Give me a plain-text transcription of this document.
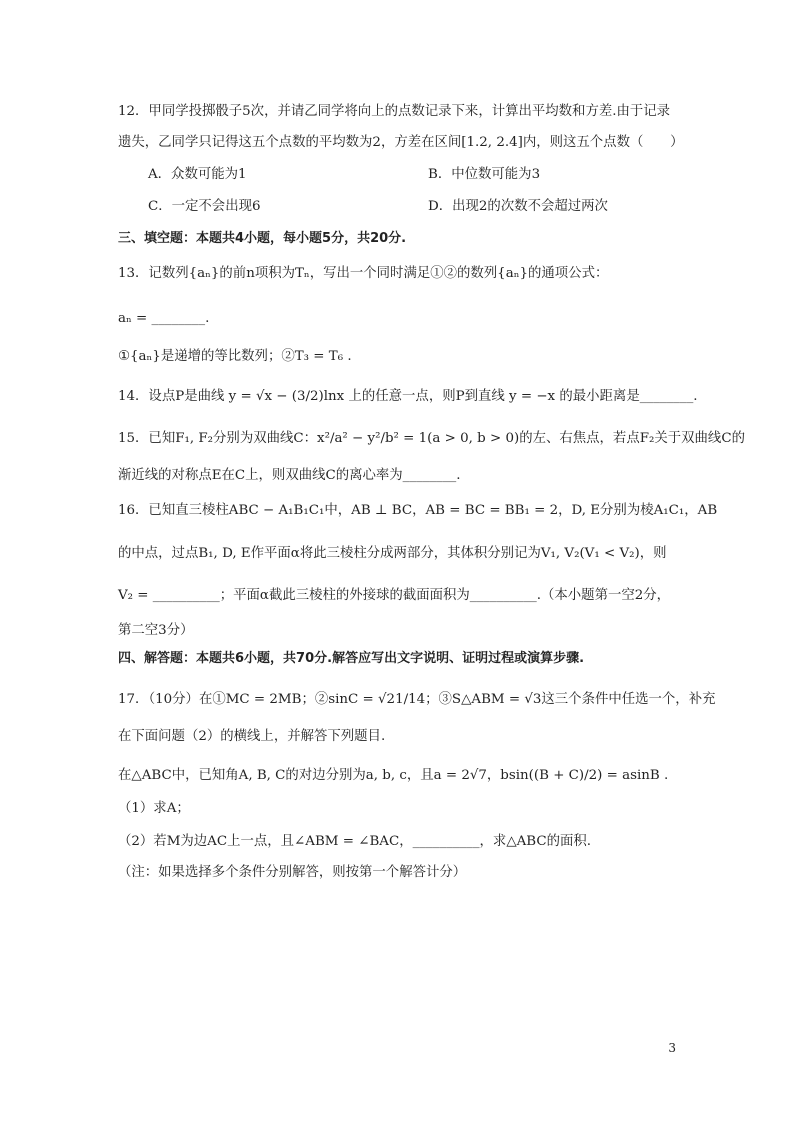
12．甲同学投掷骰子5次，并请乙同学将向上的点数记录下来，计算出平均数和方差.由于记录
遗失，乙同学只记得这五个点数的平均数为2，方差在区间[1.2, 2.4]内，则这五个点数（　　）
A．众数可能为1	B．中位数可能为3
C．一定不会出现6	D．出现2的次数不会超过两次
三、填空题：本题共4小题，每小题5分，共20分.
13．记数列{aₙ}的前n项积为Tₙ，写出一个同时满足①②的数列{aₙ}的通项公式：
aₙ = ________.
①{aₙ}是递增的等比数列；②T₃ = T₆ .
14．设点P是曲线 y = √x − (3/2)lnx 上的任意一点，则P到直线 y = −x 的最小距离是________.
15．已知F₁, F₂分别为双曲线C：x²/a² − y²/b² = 1(a > 0, b > 0)的左、右焦点，若点F₂关于双曲线C的
渐近线的对称点E在C上，则双曲线C的离心率为________.
16．已知直三棱柱ABC − A₁B₁C₁中，AB ⊥ BC，AB = BC = BB₁ = 2，D, E分别为棱A₁C₁，AB
的中点，过点B₁, D, E作平面α将此三棱柱分成两部分，其体积分别记为V₁, V₂(V₁ < V₂)，则
V₂ = __________；平面α截此三棱柱的外接球的截面面积为__________.（本小题第一空2分，
第二空3分）
四、解答题：本题共6小题，共70分.解答应写出文字说明、证明过程或演算步骤.
17．（10分）在①MC = 2MB；②sinC = √21/14；③S△ABM = √3这三个条件中任选一个，补充
在下面问题（2）的横线上，并解答下列题目.
在△ABC中，已知角A, B, C的对边分别为a, b, c，且a = 2√7，bsin((B + C)/2) = asinB .
（1）求A；
（2）若M为边AC上一点，且∠ABM = ∠BAC，__________，求△ABC的面积.
（注：如果选择多个条件分别解答，则按第一个解答计分）
3
